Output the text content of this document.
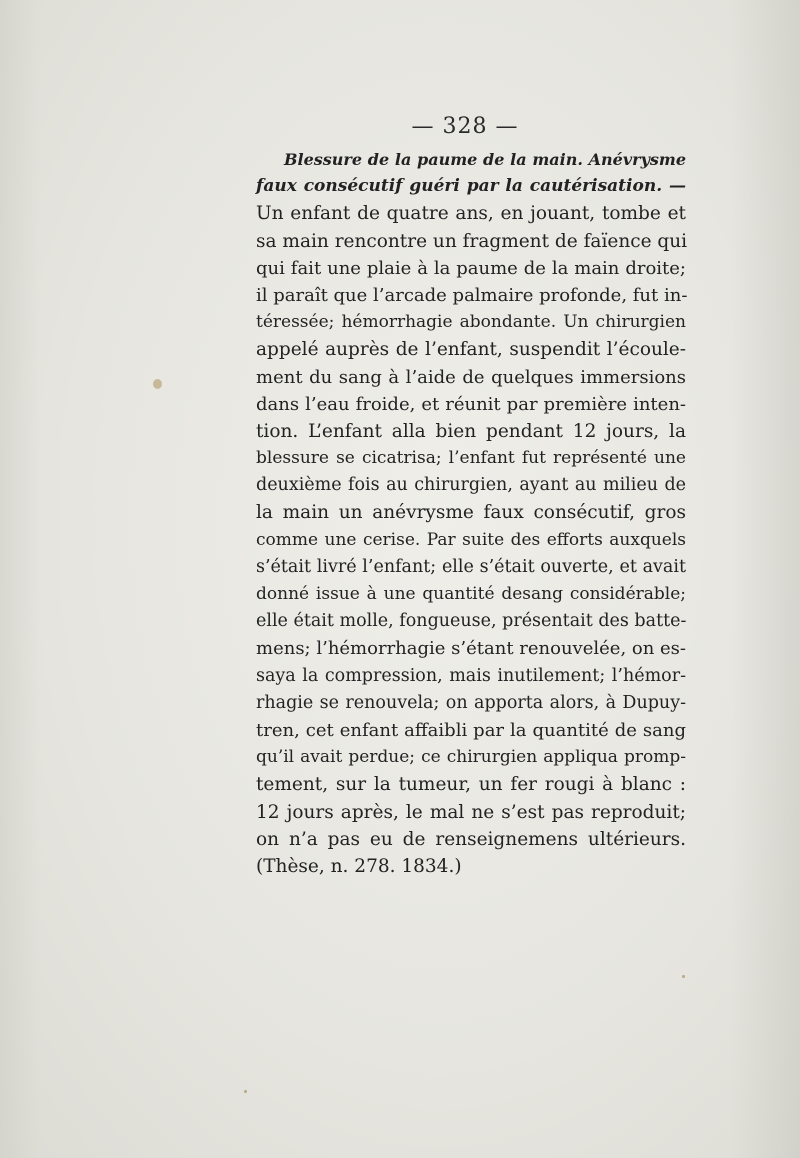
— 328 —
Blessure de la paume de la main. Anévrysme
faux consécutif guéri par la cautérisation. —
Un enfant de quatre ans, en jouant, tombe et
sa main rencontre un fragment de faïence qui
qui fait une plaie à la paume de la main droite;
il paraît que l’arcade palmaire profonde, fut in-
téressée; hémorrhagie abondante. Un chirurgien
appelé auprès de l’enfant, suspendit l’écoule-
ment du sang à l’aide de quelques immersions
dans l’eau froide, et réunit par première inten-
tion. L’enfant alla bien pendant 12 jours, la
blessure se cicatrisa; l’enfant fut représenté une
deuxième fois au chirurgien, ayant au milieu de
la main un anévrysme faux consécutif, gros
comme une cerise. Par suite des efforts auxquels
s’était livré l’enfant; elle s’était ouverte, et avait
donné issue à une quantité desang considérable;
elle était molle, fongueuse, présentait des batte-
mens; l’hémorrhagie s’étant renouvelée, on es-
saya la compression, mais inutilement; l’hémor-
rhagie se renouvela; on apporta alors, à Dupuy-
tren, cet enfant affaibli par la quantité de sang
qu’il avait perdue; ce chirurgien appliqua promp-
tement, sur la tumeur, un fer rougi à blanc :
12 jours après, le mal ne s’est pas reproduit;
on n’a pas eu de renseignemens ultérieurs.
(Thèse, n. 278. 1834.)
